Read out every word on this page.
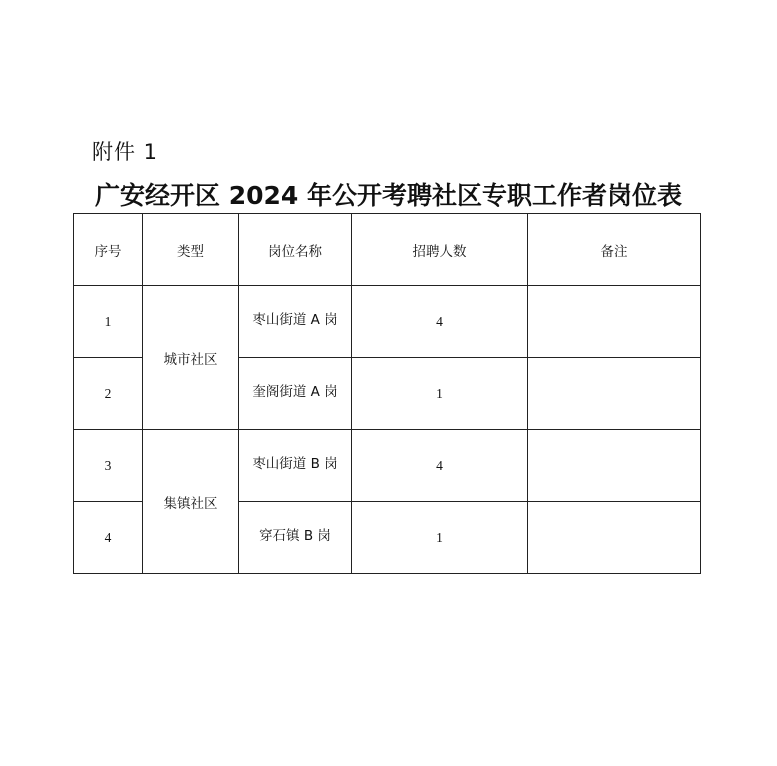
附件 1
广安经开区 2024 年公开考聘社区专职工作者岗位表
序号	类型	岗位名称	招聘人数	备注
1	城市社区	枣山街道 A 岗	4	
2		奎阁街道 A 岗	1	
3	集镇社区	枣山街道 B 岗	4	
4		穿石镇 B 岗	1	
